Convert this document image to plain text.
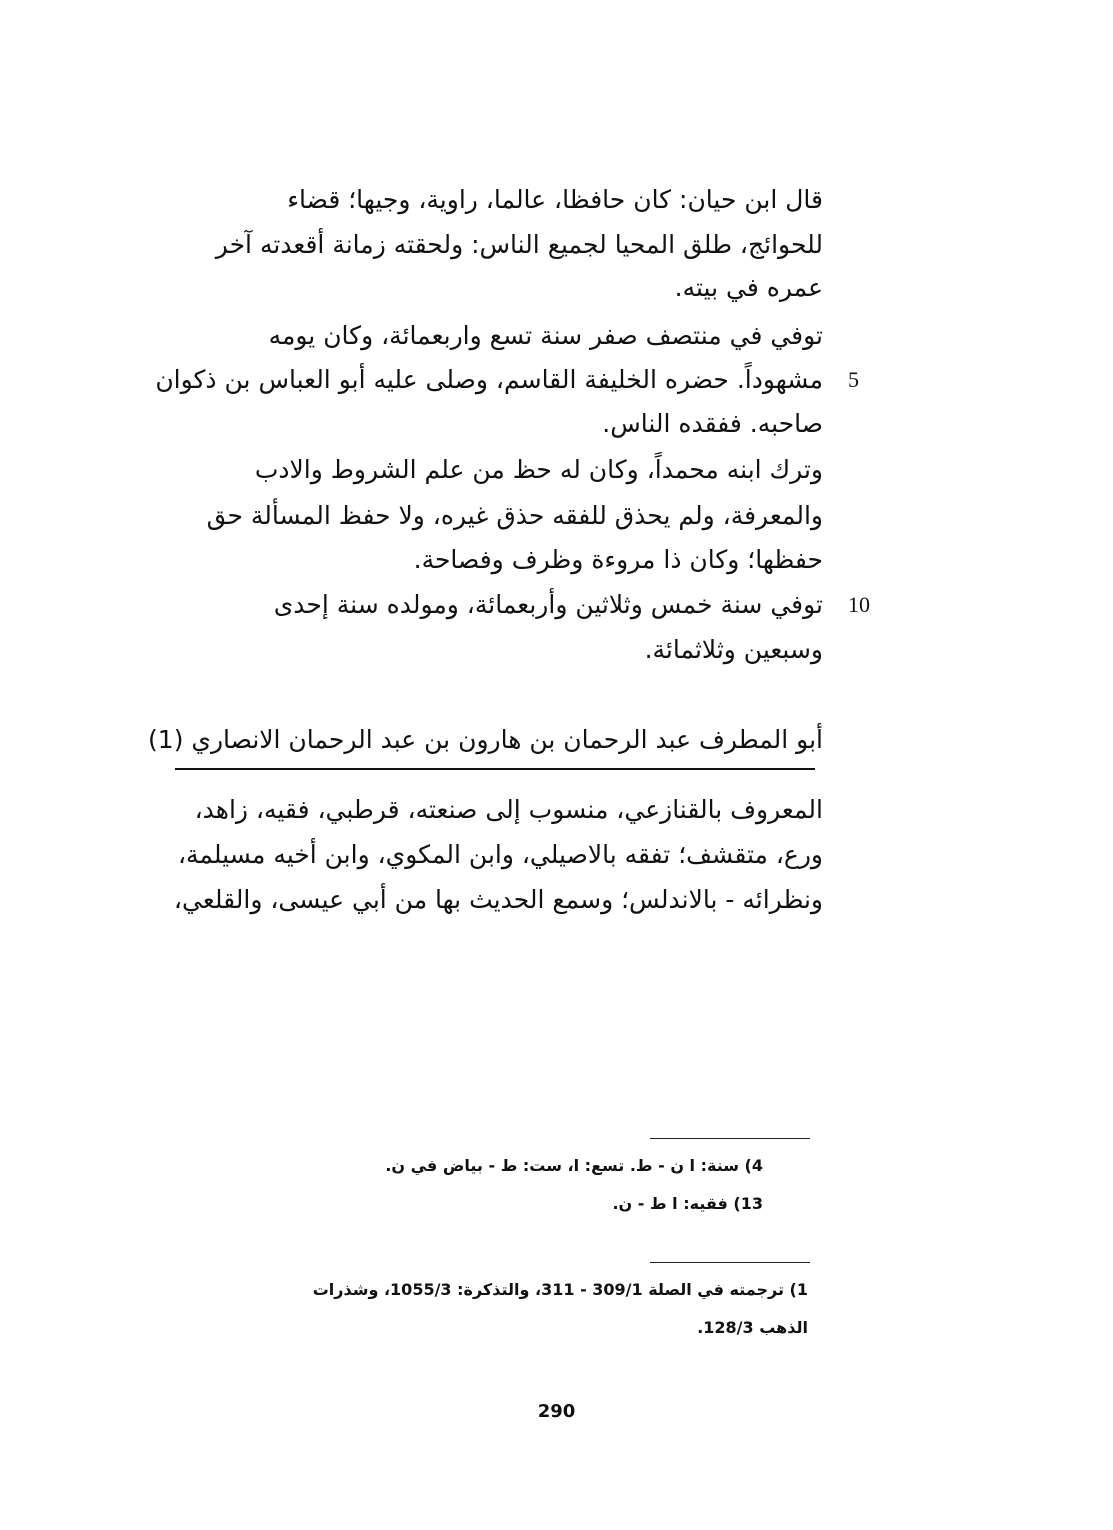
قال ابن حيان: كان حافظا، عالما، راوية، وجيها؛ قضاء
للحوائج، طلق المحيا لجميع الناس: ولحقته زمانة أقعدته آخر
عمره في بيته.
توفي في منتصف صفر سنة تسع واربعمائة، وكان يومه
مشهوداً. حضره الخليفة القاسم، وصلى عليه أبو العباس بن ذكوان 5
صاحبه. ففقده الناس.
وترك ابنه محمداً، وكان له حظ من علم الشروط والادب
والمعرفة، ولم يحذق للفقه حذق غيره، ولا حفظ المسألة حق
حفظها؛ وكان ذا مروءة وظرف وفصاحة.
توفي سنة خمس وثلاثين وأربعمائة، ومولده سنة إحدى 10
وسبعين وثلاثمائة.
أبو المطرف عبد الرحمان بن هارون بن عبد الرحمان الانصاري (1)
المعروف بالقنازعي، منسوب إلى صنعته، قرطبي، فقيه، زاهد،
ورع، متقشف؛ تفقه بالاصيلي، وابن المكوي، وابن أخيه مسيلمة،
ونظرائه - بالاندلس؛ وسمع الحديث بها من أبي عيسى، والقلعي،
4) سنة: ا ن - ط. تسع: ا، ست: ط - بياض في ن.
13) فقيه: ا ط - ن.
1) ترجمته في الصلة 309/1 - 311، والتذكرة: 1055/3، وشذرات
الذهب 128/3.
290
